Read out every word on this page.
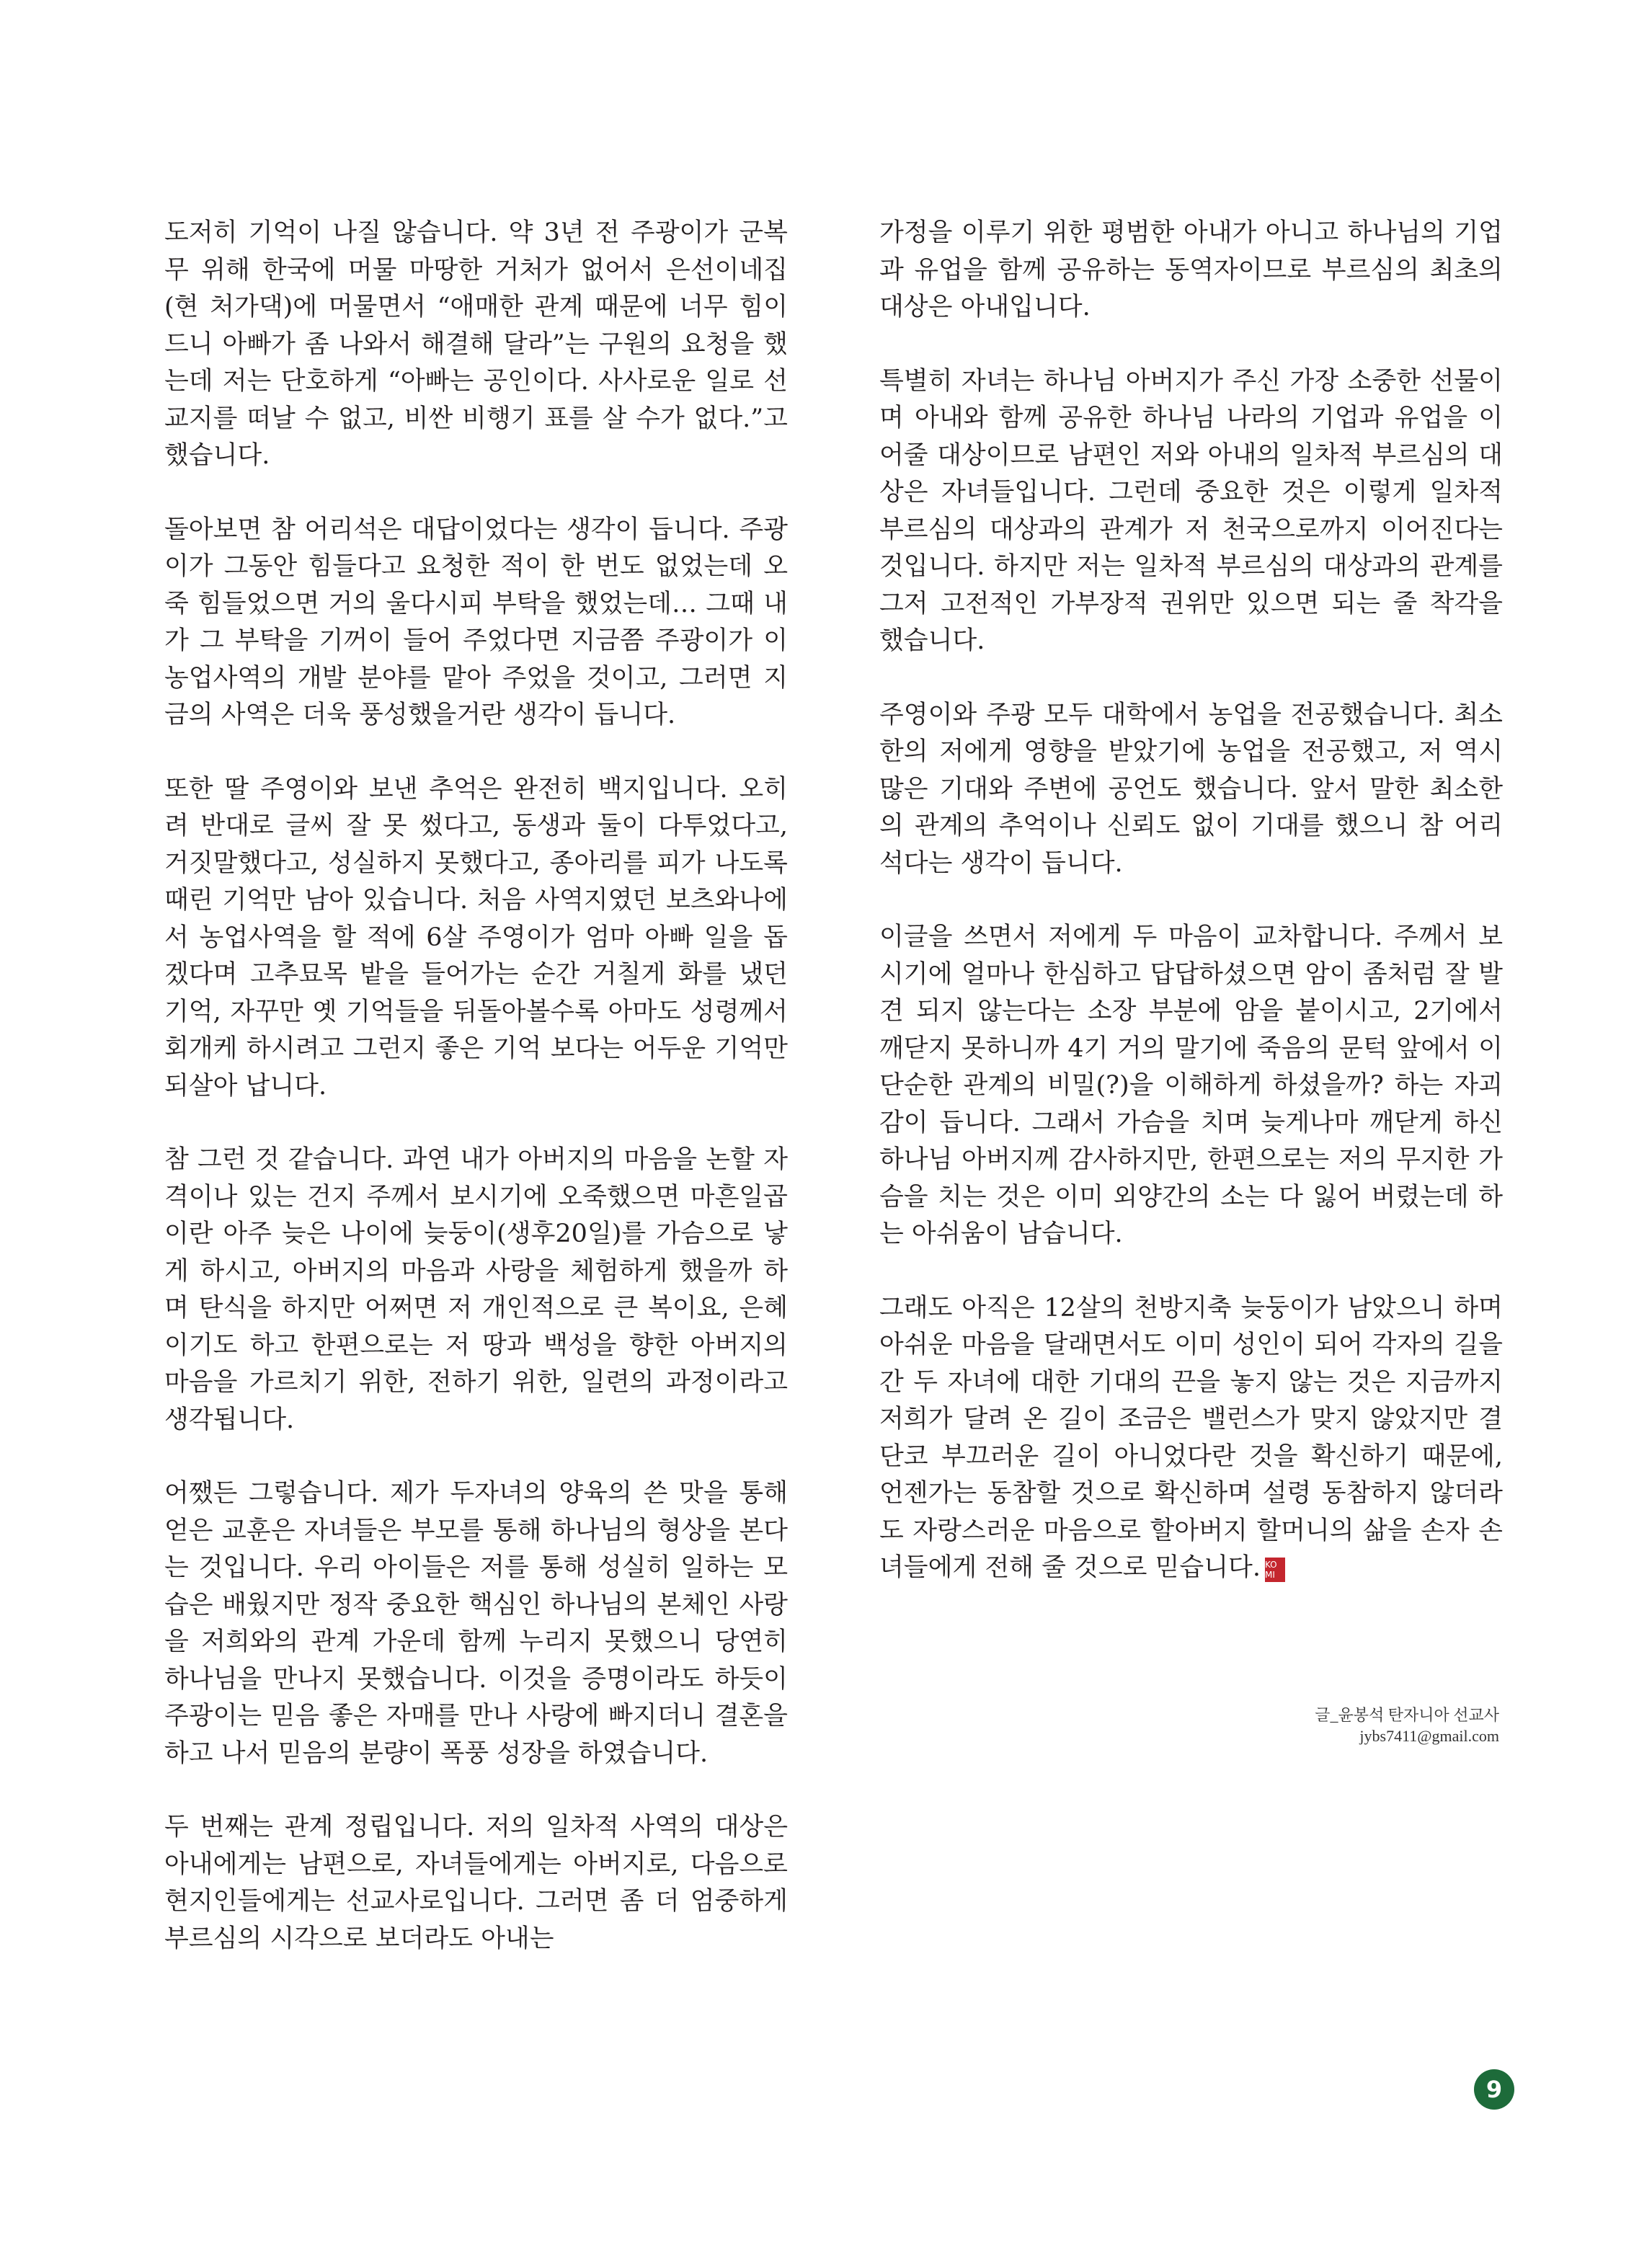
도저히 기억이 나질 않습니다. 약 3년 전 주광이가 군복무 위해 한국에 머물 마땅한 거처가 없어서 은선이네집(현 처가댁)에 머물면서 “애매한 관계 때문에 너무 힘이 드니 아빠가 좀 나와서 해결해 달라”는 구원의 요청을 했는데 저는 단호하게 “아빠는 공인이다. 사사로운 일로 선교지를 떠날 수 없고, 비싼 비행기 표를 살 수가 없다.”고 했습니다.

돌아보면 참 어리석은 대답이었다는 생각이 듭니다. 주광이가 그동안 힘들다고 요청한 적이 한 번도 없었는데 오죽 힘들었으면 거의 울다시피 부탁을 했었는데… 그때 내가 그 부탁을 기꺼이 들어 주었다면 지금쯤 주광이가 이 농업사역의 개발 분야를 맡아 주었을 것이고, 그러면 지금의 사역은 더욱 풍성했을거란 생각이 듭니다.

또한 딸 주영이와 보낸 추억은 완전히 백지입니다. 오히려 반대로 글씨 잘 못 썼다고, 동생과 둘이 다투었다고, 거짓말했다고, 성실하지 못했다고, 종아리를 피가 나도록 때린 기억만 남아 있습니다. 처음 사역지였던 보츠와나에서 농업사역을 할 적에 6살 주영이가 엄마 아빠 일을 돕겠다며 고추묘목 밭을 들어가는 순간 거칠게 화를 냈던 기억, 자꾸만 옛 기억들을 뒤돌아볼수록 아마도 성령께서 회개케 하시려고 그런지 좋은 기억 보다는 어두운 기억만 되살아 납니다.

참 그런 것 같습니다. 과연 내가 아버지의 마음을 논할 자격이나 있는 건지 주께서 보시기에 오죽했으면 마흔일곱이란 아주 늦은 나이에 늦둥이(생후20일)를 가슴으로 낳게 하시고, 아버지의 마음과 사랑을 체험하게 했을까 하며 탄식을 하지만 어쩌면 저 개인적으로 큰 복이요, 은혜이기도 하고 한편으로는 저 땅과 백성을 향한 아버지의 마음을 가르치기 위한, 전하기 위한, 일련의 과정이라고 생각됩니다.

어쨌든 그렇습니다. 제가 두자녀의 양육의 쓴 맛을 통해 얻은 교훈은 자녀들은 부모를 통해 하나님의 형상을 본다는 것입니다. 우리 아이들은 저를 통해 성실히 일하는 모습은 배웠지만 정작 중요한 핵심인 하나님의 본체인 사랑을 저희와의 관계 가운데 함께 누리지 못했으니 당연히 하나님을 만나지 못했습니다. 이것을 증명이라도 하듯이 주광이는 믿음 좋은 자매를 만나 사랑에 빠지더니 결혼을 하고 나서 믿음의 분량이 폭풍 성장을 하였습니다.

두 번째는 관계 정립입니다. 저의 일차적 사역의 대상은 아내에게는 남편으로, 자녀들에게는 아버지로, 다음으로 현지인들에게는 선교사로입니다. 그러면 좀 더 엄중하게 부르심의 시각으로 보더라도 아내는

가정을 이루기 위한 평범한 아내가 아니고 하나님의 기업과 유업을 함께 공유하는 동역자이므로 부르심의 최초의 대상은 아내입니다.

특별히 자녀는 하나님 아버지가 주신 가장 소중한 선물이며 아내와 함께 공유한 하나님 나라의 기업과 유업을 이어줄 대상이므로 남편인 저와 아내의 일차적 부르심의 대상은 자녀들입니다. 그런데 중요한 것은 이렇게 일차적 부르심의 대상과의 관계가 저 천국으로까지 이어진다는 것입니다. 하지만 저는 일차적 부르심의 대상과의 관계를 그저 고전적인 가부장적 권위만 있으면 되는 줄 착각을 했습니다.

주영이와 주광 모두 대학에서 농업을 전공했습니다. 최소한의 저에게 영향을 받았기에 농업을 전공했고, 저 역시 많은 기대와 주변에 공언도 했습니다. 앞서 말한 최소한의 관계의 추억이나 신뢰도 없이 기대를 했으니 참 어리석다는 생각이 듭니다.

이글을 쓰면서 저에게 두 마음이 교차합니다. 주께서 보시기에 얼마나 한심하고 답답하셨으면 암이 좀처럼 잘 발견 되지 않는다는 소장 부분에 암을 붙이시고, 2기에서 깨닫지 못하니까 4기 거의 말기에 죽음의 문턱 앞에서 이 단순한 관계의 비밀(?)을 이해하게 하셨을까? 하는 자괴감이 듭니다. 그래서 가슴을 치며 늦게나마 깨닫게 하신 하나님 아버지께 감사하지만, 한편으로는 저의 무지한 가슴을 치는 것은 이미 외양간의 소는 다 잃어 버렸는데 하는 아쉬움이 남습니다.

그래도 아직은 12살의 천방지축 늦둥이가 남았으니 하며 아쉬운 마음을 달래면서도 이미 성인이 되어 각자의 길을 간 두 자녀에 대한 기대의 끈을 놓지 않는 것은 지금까지 저희가 달려 온 길이 조금은 밸런스가 맞지 않았지만 결단코 부끄러운 길이 아니었다란 것을 확신하기 때문에, 언젠가는 동참할 것으로 확신하며 설령 동참하지 않더라도 자랑스러운 마음으로 할아버지 할머니의 삶을 손자 손녀들에게 전해 줄 것으로 믿습니다. KO
MI

글_윤봉석 탄자니아 선교사
jybs7411@gmail.com
9
